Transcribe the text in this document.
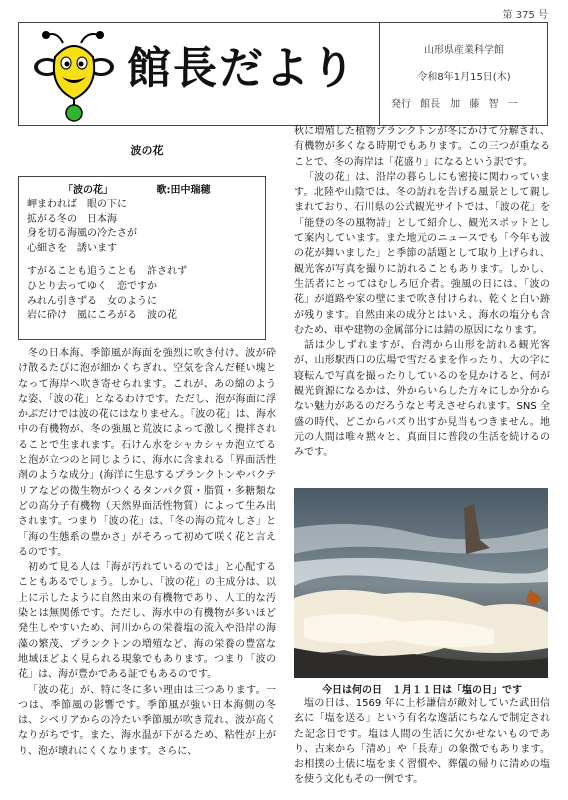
第 375 号
館長だより	山形県産業科学館
令和8年1月15日(木)
発行 館長　加 藤 智 一
波の花
「波の花」	歌:田中瑞穂
岬まわれば　眼の下に
拡がる冬の　日本海
身を切る海風の冷たさが
心細さを　誘います
すがることも追うことも　許されず
ひとり去ってゆく　恋ですか
みれん引きずる　女のように
岩に砕け　風にころがる　波の花

冬の日本海、季節風が海面を強烈に吹き付け、波が砕け散るたびに泡が細かくちぎれ、空気を含んだ軽い塊となって海岸へ吹き寄せられます。これが、あの綿のような姿、「波の花」となるわけです。ただし、泡が海面に浮かぶだけでは波の花にはなりません。「波の花」は、海水中の有機物が、冬の強風と荒波によって激しく攪拌されることで生まれます。石けん水をシャカシャカ泡立てると泡が立つのと同じように、海水に含まれる「界面活性剤のような成分」(海洋に生息するプランクトンやバクテリアなどの微生物がつくるタンパク質・脂質・多糖類などの高分子有機物（天然界面活性物質）によって生み出されます。つまり「波の花」は、「冬の海の荒々しさ」と「海の生態系の豊かさ」がそろって初めて咲く花と言えるのです。

初めて見る人は「海が汚れているのでは」と心配することもあるでしょう。しかし、「波の花」の主成分は、以上に示したように自然由来の有機物であり、人工的な汚染とは無関係です。ただし、海水中の有機物が多いほど発生しやすいため、河川からの栄養塩の流入や沿岸の海藻の繁茂、プランクトンの増殖など、海の栄養の豊富な地域ほどよく見られる現象でもあります。つまり「波の花」は、海が豊かである証でもあるのです。

「波の花」が、特に冬に多い理由は三つあります。一つは、季節風の影響です。季節風が強い日本海側の冬は、シベリアからの冷たい季節風が吹き荒れ、波が高くなりがちです。また、海水温が下がるため、粘性が上がり、泡が壊れにくくなります。さらに、

秋に増殖した植物プランクトンが冬にかけて分解され、有機物が多くなる時期でもあります。この三つが重なることで、冬の海岸は「花盛り」になるという訳です。

「波の花」は、沿岸の暮らしにも密接に関わっています。北陸や山陰では、冬の訪れを告げる風景として親しまれており、石川県の公式観光サイトでは、「波の花」を「能登の冬の風物詩」として紹介し、観光スポットとして案内しています。また地元のニュースでも「今年も波の花が舞いました」と季節の話題として取り上げられ、観光客が写真を撮りに訪れることもあります。しかし、生活者にとってはむしろ厄介者。強風の日には、「波の花」が道路や家の壁にまで吹き付けられ、乾くと白い跡が残ります。自然由来の成分とはいえ、海水の塩分も含むため、車や建物の金属部分には錆の原因になります。

話は少しずれますが、台湾から山形を訪れる観光客が、山形駅西口の広場で雪だるまを作ったり、大の字に寝転んで写真を撮ったりしているのを見かけると、何が観光資源になるかは、外からいらした方々にしか分からない魅力があるのだろうなと考えさせられます。SNS 全盛の時代、どこからバズり出すか見当もつきません。地元の人間は唯々黙々と、真面目に普段の生活を続けるのみです。

今日は何の日　１月１１日は「塩の日」です

塩の日は、1569 年に上杉謙信が敵対していた武田信玄に「塩を送る」という有名な逸話にちなんで制定された記念日です。塩は人間の生活に欠かせないものであり、古来から「清め」や「長寿」の象徴でもあります。お相撲の土俵に塩をまく習慣や、葬儀の帰りに清めの塩を使う文化もその一例です。
